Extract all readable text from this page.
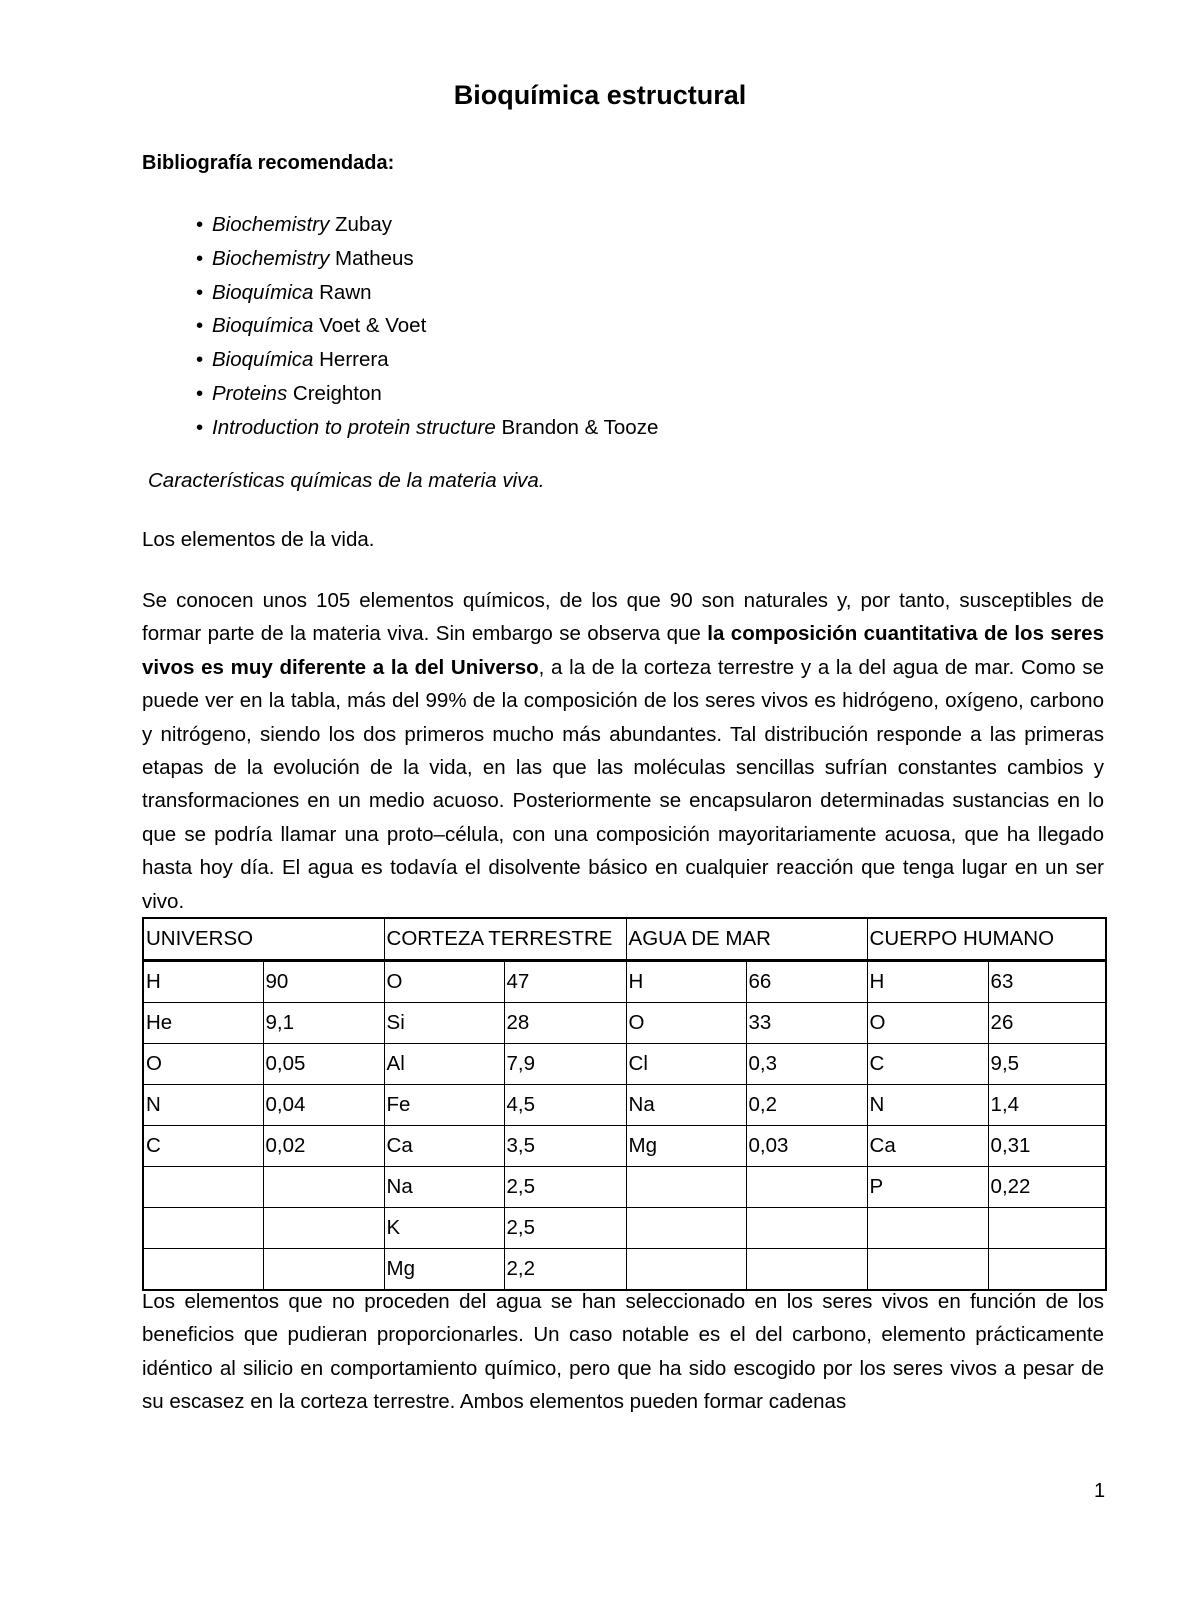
Bioquímica estructural
Bibliografía recomendada:
• Biochemistry Zubay
• Biochemistry Matheus
• Bioquímica Rawn
• Bioquímica Voet & Voet
• Bioquímica Herrera
• Proteins Creighton
• Introduction to protein structure Brandon & Tooze
Características químicas de la materia viva.
Los elementos de la vida.

Se conocen unos 105 elementos químicos, de los que 90 son naturales y, por tanto, susceptibles de formar parte de la materia viva. Sin embargo se observa que la composición cuantitativa de los seres vivos es muy diferente a la del Universo, a la de la corteza terrestre y a la del agua de mar. Como se puede ver en la tabla, más del 99% de la composición de los seres vivos es hidrógeno, oxígeno, carbono y nitrógeno, siendo los dos primeros mucho más abundantes. Tal distribución responde a las primeras etapas de la evolución de la vida, en las que las moléculas sencillas sufrían constantes cambios y transformaciones en un medio acuoso. Posteriormente se encapsularon determinadas sustancias en lo que se podría llamar una proto–célula, con una composición mayoritariamente acuosa, que ha llegado hasta hoy día. El agua es todavía el disolvente básico en cualquier reacción que tenga lugar en un ser vivo.

UNIVERSO		CORTEZA TERRESTRE		AGUA DE MAR		CUERPO HUMANO	
H	90	O	47	H	66	H	63
He	9,1	Si	28	O	33	O	26
O	0,05	Al	7,9	Cl	0,3	C	9,5
N	0,04	Fe	4,5	Na	0,2	N	1,4
C	0,02	Ca	3,5	Mg	0,03	Ca	0,31
		Na	2,5			P	0,22
		K	2,5				
		Mg	2,2				

Los elementos que no proceden del agua se han seleccionado en los seres vivos en función de los beneficios que pudieran proporcionarles. Un caso notable es el del carbono, elemento prácticamente idéntico al silicio en comportamiento químico, pero que ha sido escogido por los seres vivos a pesar de su escasez en la corteza terrestre. Ambos elementos pueden formar cadenas

1
